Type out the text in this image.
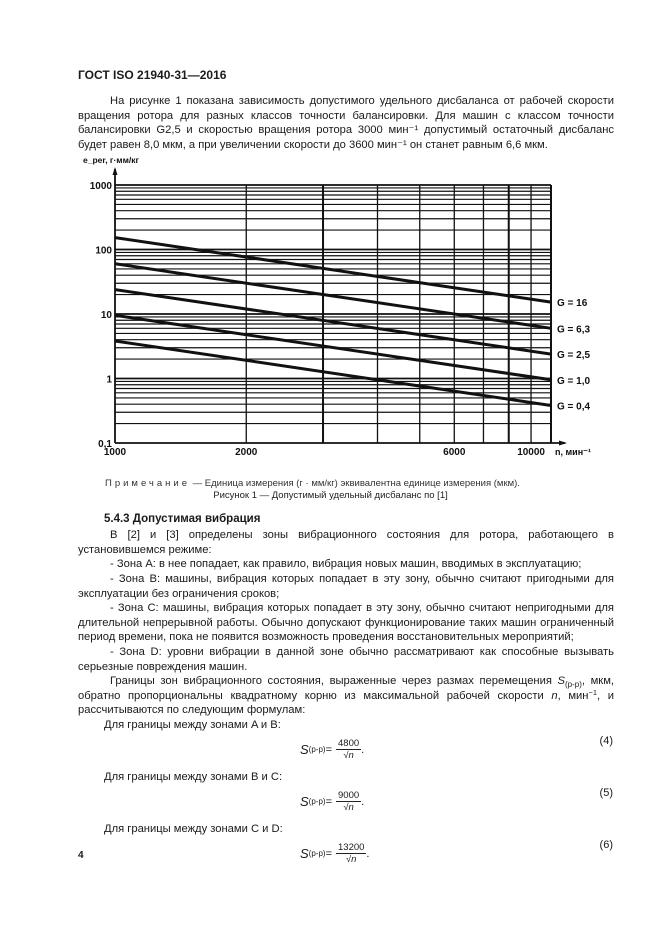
ГОСТ ISO 21940-31—2016
На рисунке 1 показана зависимость допустимого удельного дисбаланса от рабочей скорости вращения ротора для разных классов точности балансировки. Для машин с классом точности балансировки G2,5 и скоростью вращения ротора 3000 мин⁻¹ допустимый остаточный дисбаланс будет равен 8,0 мкм, а при увеличении скорости до 3600 мин⁻¹ он станет равным 6,6 мкм.
G = 16
G = 6,3
G = 2,5
G = 1,0
G = 0,4
0,1
1
10
100
1000
1000	2000	6000	10000 n, мин⁻¹
e_per, г·мм/кг
Примечание — Единица измерения (г · мм/кг) эквивалентна единице измерения (мкм).
Рисунок 1 — Допустимый удельный дисбаланс по [1]
5.4.3 Допустимая вибрация
В [2] и [3] определены зоны вибрационного состояния для ротора, работающего в установившемся режиме:
- Зона A: в нее попадает, как правило, вибрация новых машин, вводимых в эксплуатацию;
- Зона B: машины, вибрация которых попадает в эту зону, обычно считают пригодными для эксплуатации без ограничения сроков;
- Зона C: машины, вибрация которых попадает в эту зону, обычно считают непригодными для длительной непрерывной работы. Обычно допускают функционирование таких машин ограниченный период времени, пока не появится возможность проведения восстановительных мероприятий;
- Зона D: уровни вибрации в данной зоне обычно рассматривают как способные вызывать серьезные повреждения машин.
Границы зон вибрационного состояния, выраженные через размах перемещения $S_{(p-p)}$, мкм, обратно пропорциональны квадратному корню из максимальной рабочей скорости n, мин$^{-1}$, и рассчитываются по следующим формулам:
Для границы между зонами A и B:
S $(p-p) = \frac{4800}{√n}$ .
(4)
Для границы между зонами B и C:
S $(p-p) = \frac{9000}{√n}$ .
(5)
Для границы между зонами C и D:
S $(p-p) = \frac{13200}{√n}$ .
(6)
4
